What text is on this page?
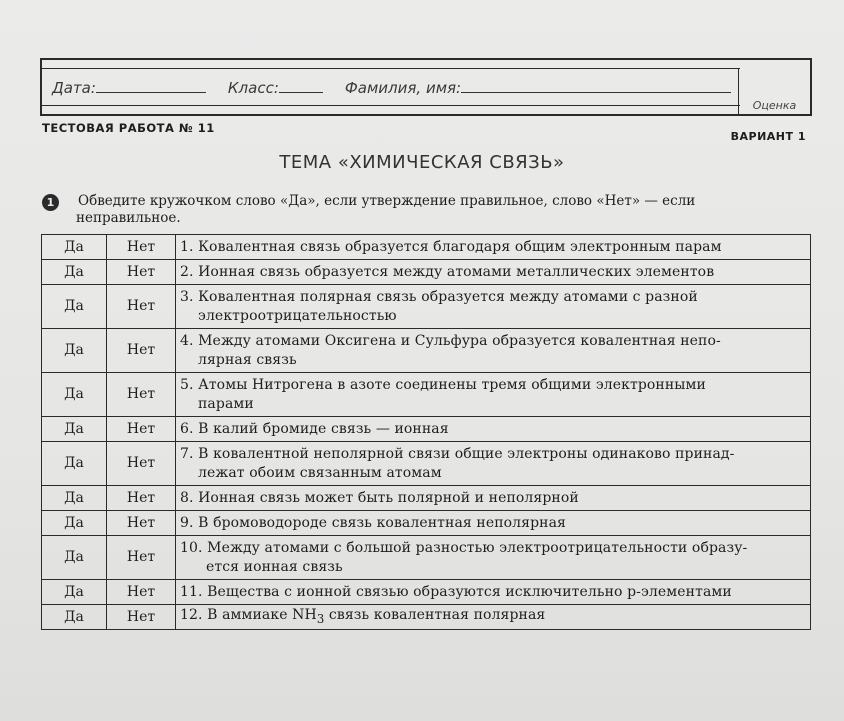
Дата:	Класс:	Фамилия, имя:
Оценка
ТЕСТОВАЯ РАБОТА № 11
ВАРИАНТ 1
ТЕМА «ХИМИЧЕСКАЯ СВЯЗЬ»
1	Обведите кружочком слово «Да», если утверждение правильное, слово «Нет» — если
неправильное.
Да	Нет	1. Ковалентная связь образуется благодаря общим электронным парам
Да	Нет	2. Ионная связь образуется между атомами металлических элементов
Да	Нет	3. Ковалентная полярная связь образуется между атомами с разной
электроотрицательностью
Да	Нет	4. Между атомами Оксигена и Сульфура образуется ковалентная непо-
лярная связь
Да	Нет	5. Атомы Нитрогена в азоте соединены тремя общими электронными
парами
Да	Нет	6. В калий бромиде связь — ионная
Да	Нет	7. В ковалентной неполярной связи общие электроны одинаково принад-
лежат обоим связанным атомам
Да	Нет	8. Ионная связь может быть полярной и неполярной
Да	Нет	9. В бромоводороде связь ковалентная неполярная
Да	Нет	10. Между атомами с большой разностью электроотрицательности образу-
ется ионная связь
Да	Нет	11. Вещества с ионной связью образуются исключительно p-элементами
Да	Нет	12. В аммиаке $NH_3$ связь ковалентная полярная
